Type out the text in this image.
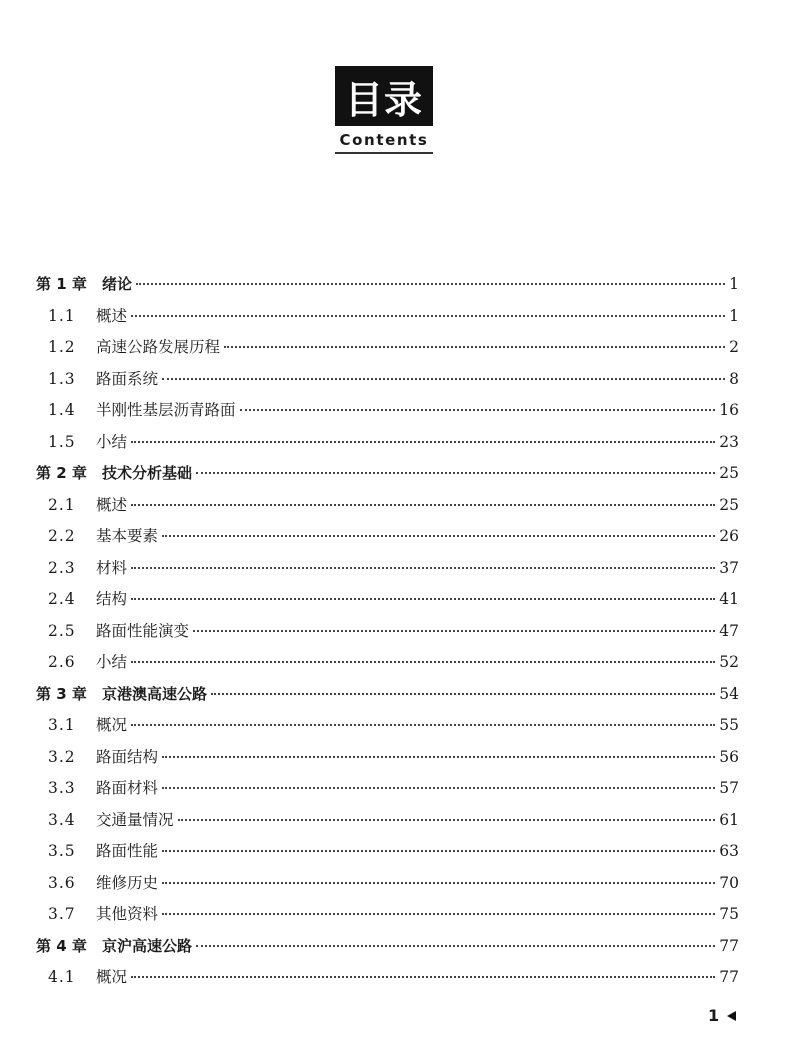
目录
Contents
第 1 章	绪论	1
1.1	概述	1
1.2	高速公路发展历程	2
1.3	路面系统	8
1.4	半刚性基层沥青路面	16
1.5	小结	23
第 2 章	技术分析基础	25
2.1	概述	25
2.2	基本要素	26
2.3	材料	37
2.4	结构	41
2.5	路面性能演变	47
2.6	小结	52
第 3 章	京港澳高速公路	54
3.1	概况	55
3.2	路面结构	56
3.3	路面材料	57
3.4	交通量情况	61
3.5	路面性能	63
3.6	维修历史	70
3.7	其他资料	75
第 4 章	京沪高速公路	77
4.1	概况	77
1
